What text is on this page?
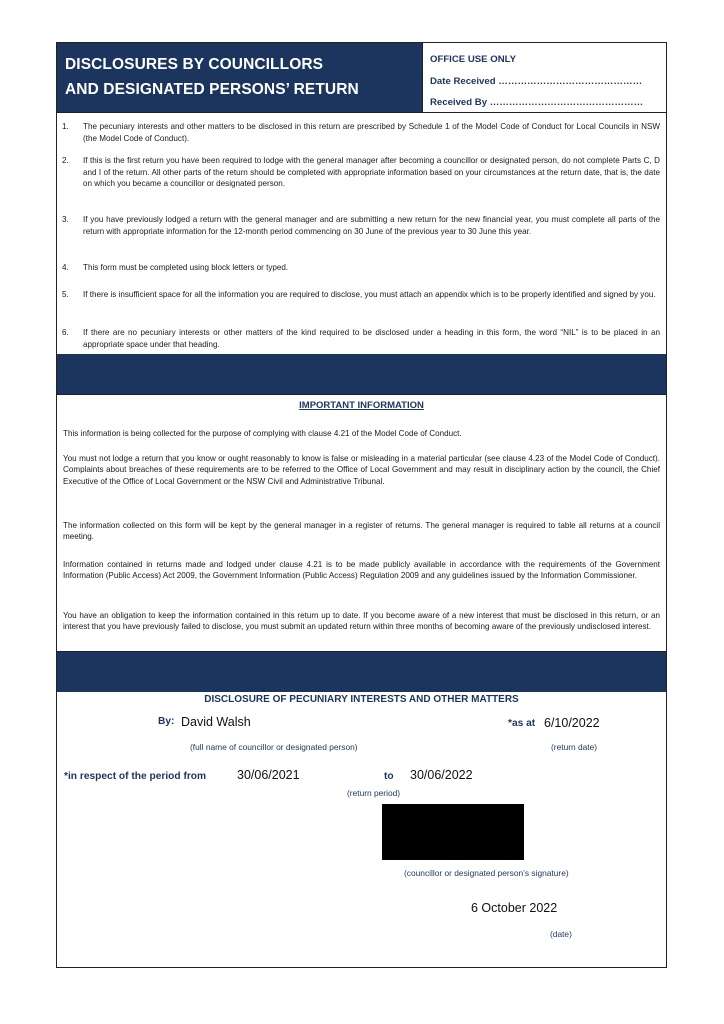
DISCLOSURES BY COUNCILLORS
AND DESIGNATED PERSONS’ RETURN
OFFICE USE ONLY
Date Received ………………………………………
Received By …………………………………………
1.	The pecuniary interests and other matters to be disclosed in this return are prescribed by Schedule 1 of the Model Code of Conduct for Local Councils in NSW (the Model Code of Conduct).
2.	If this is the first return you have been required to lodge with the general manager after becoming a councillor or designated person, do not complete Parts C, D and I of the return. All other parts of the return should be completed with appropriate information based on your circumstances at the return date, that is, the date on which you became a councillor or designated person.
3.	If you have previously lodged a return with the general manager and are submitting a new return for the new financial year, you must complete all parts of the return with appropriate information for the 12-month period commencing on 30 June of the previous year to 30 June this year.
4.	This form must be completed using block letters or typed.
5.	If there is insufficient space for all the information you are required to disclose, you must attach an appendix which is to be properly identified and signed by you.
6.	If there are no pecuniary interests or other matters of the kind required to be disclosed under a heading in this form, the word “NIL” is to be placed in an appropriate space under that heading.
IMPORTANT INFORMATION
This information is being collected for the purpose of complying with clause 4.21 of the Model Code of Conduct.
You must not lodge a return that you know or ought reasonably to know is false or misleading in a material particular (see clause 4.23 of the Model Code of Conduct). Complaints about breaches of these requirements are to be referred to the Office of Local Government and may result in disciplinary action by the council, the Chief Executive of the Office of Local Government or the NSW Civil and Administrative Tribunal.
The information collected on this form will be kept by the general manager in a register of returns. The general manager is required to table all returns at a council meeting.
Information contained in returns made and lodged under clause 4.21 is to be made publicly available in accordance with the requirements of the Government Information (Public Access) Act 2009, the Government Information (Public Access) Regulation 2009 and any guidelines issued by the Information Commissioner.
You have an obligation to keep the information contained in this return up to date. If you become aware of a new interest that must be disclosed in this return, or an interest that you have previously failed to disclose, you must submit an updated return within three months of becoming aware of the previously undisclosed interest.
DISCLOSURE OF PECUNIARY INTERESTS AND OTHER MATTERS
By: David Walsh
(full name of councillor or designated person)
*as at 6/10/2022
(return date)
*in respect of the period from 30/06/2021	to 30/06/2022
(return period)
(councillor or designated person’s signature)
6 October 2022
(date)
